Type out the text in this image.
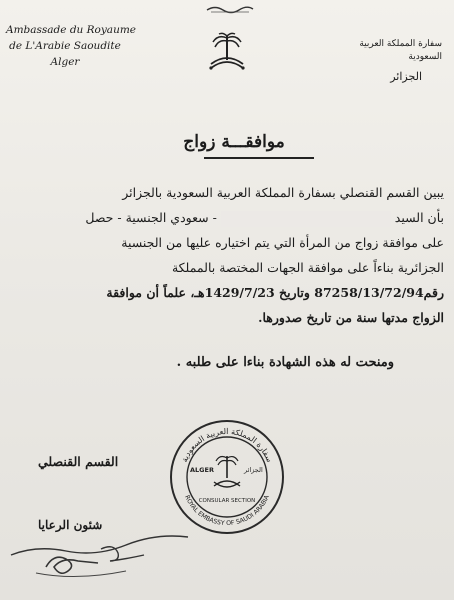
Ambassade du Royaume
de L'Arabie Saoudite
Alger
سفارة المملكة العربية السعودية
الجزائر
موافقـــة زواج
يبين القسم القنصلي بسفارة المملكة العربية السعودية بالجزائر
بأن السيد  - سعودي الجنسية - حصل
على موافقة زواج من المرأة التي يتم اختياره عليها من الجنسية
الجزائرية بناءاً على موافقة الجهات المختصة بالمملكة
رقم87258/13/72/94 وتاريخ 1429/7/23هـ، علماً أن موافقة
الزواج مدتها سنة من تاريخ صدورها.
ومنحت له هذه الشهادة بناءا على طلبه .
القسم القنصلي	سفارة المملكة العربية السعودية
ROYAL EMBASSY OF SAUDI ARABIA
ALGER	الجزائر
CONSULAR SECTION
شئون الرعايا
